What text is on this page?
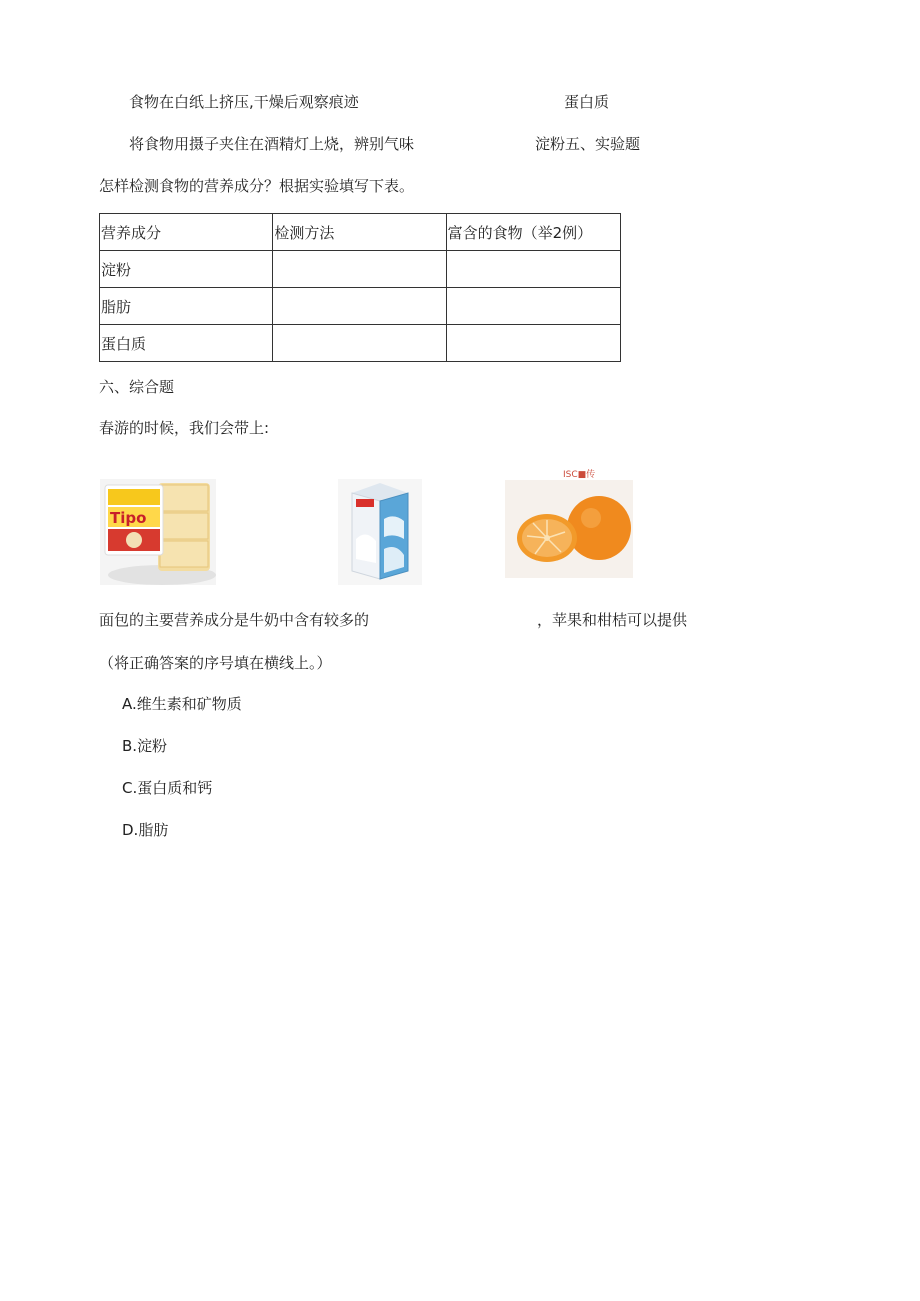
食物在白纸上挤压,干燥后观察痕迹	蛋白质
将食物用摄子夹住在酒精灯上烧，辨别气味	淀粉五、实验题
怎样检测食物的营养成分？根据实验填写下表。
营养成分	检测方法	富含的食物（举2例）
淀粉		
脂肪		
蛋白质		
六、综合题
春游的时候，我们会带上:
Tipo
ISC■传
面包的主要营养成分是牛奶中含有较多的	，苹果和柑桔可以提供
（将正确答案的序号填在横线上。）
A.维生素和矿物质
B.淀粉
C.蛋白质和钙
D.脂肪
